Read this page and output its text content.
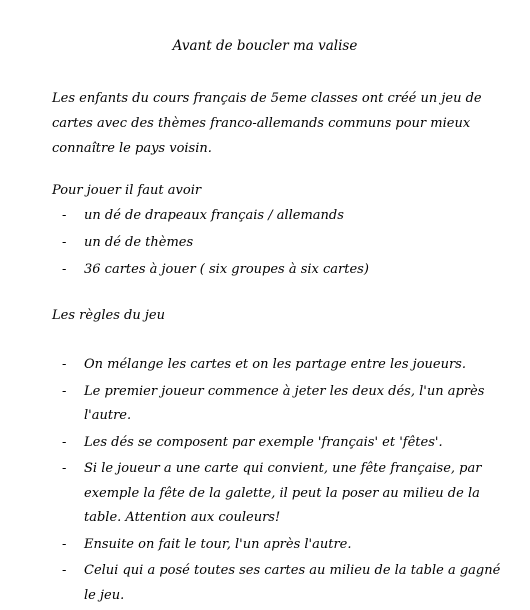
Avant de boucler ma valise

Les enfants du cours français de 5eme classes ont créé un jeu de cartes avec des thèmes franco-allemands communs pour mieux connaître le pays voisin.

Pour jouer il faut avoir

- un dé de drapeaux français / allemands
- un dé de thèmes
- 36 cartes à jouer ( six groupes à six cartes)

Les règles du jeu

- On mélange les cartes et on les partage entre les joueurs.
- Le premier joueur commence à jeter les deux dés, l'un après l'autre.
- Les dés se composent par exemple 'français' et 'fêtes'.
- Si le joueur a une carte qui convient, une fête française, par exemple la fête de la galette, il peut la poser au milieu de la table. Attention aux couleurs!
- Ensuite on fait le tour, l'un après l'autre.
- Celui qui a posé toutes ses cartes au milieu de la table a gagné le jeu.
